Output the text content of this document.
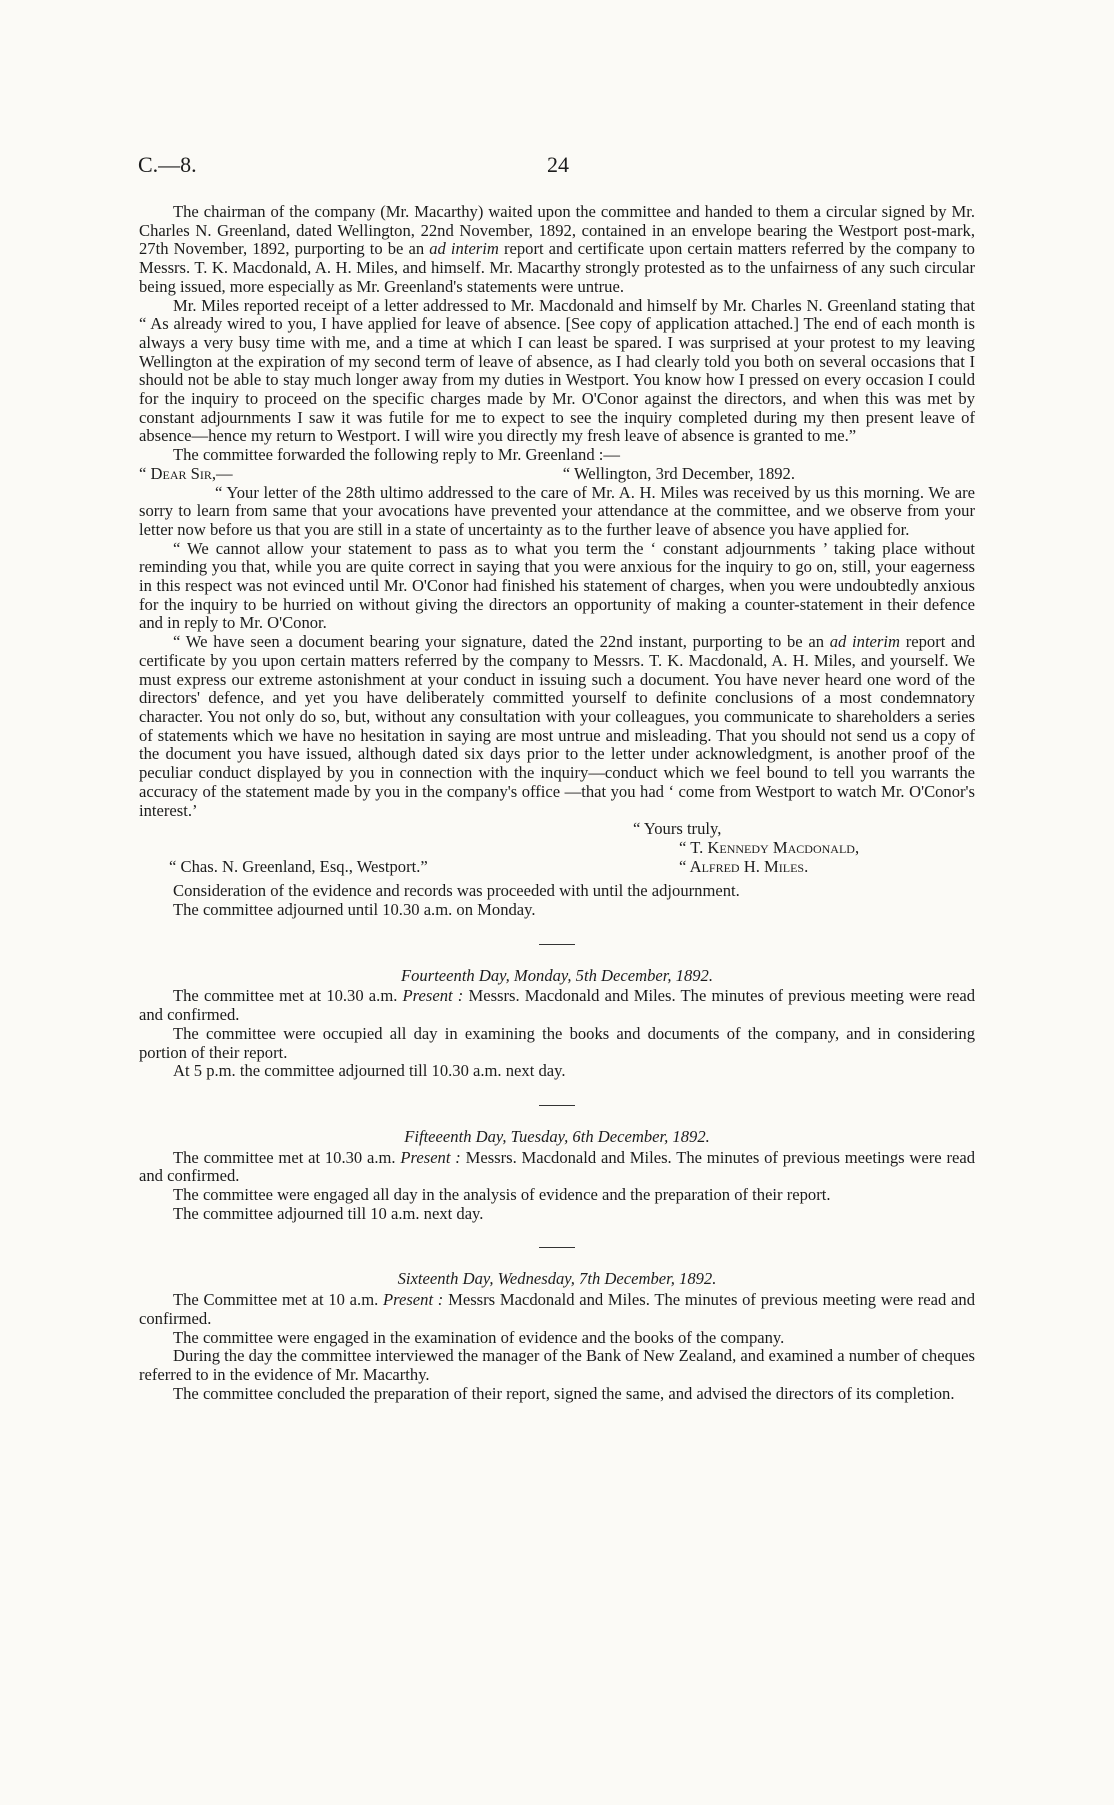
C.—8.	24

The chairman of the company (Mr. Macarthy) waited upon the committee and handed to them a circular signed by Mr. Charles N. Greenland, dated Wellington, 22nd November, 1892, contained in an envelope bearing the Westport post-mark, 27th November, 1892, purporting to be an ad interim report and certificate upon certain matters referred by the company to Messrs. T. K. Macdonald, A. H. Miles, and himself. Mr. Macarthy strongly protested as to the unfairness of any such circular being issued, more especially as Mr. Greenland's statements were untrue.

Mr. Miles reported receipt of a letter addressed to Mr. Macdonald and himself by Mr. Charles N. Greenland stating that “ As already wired to you, I have applied for leave of absence. [See copy of application attached.] The end of each month is always a very busy time with me, and a time at which I can least be spared. I was surprised at your protest to my leaving Wellington at the expiration of my second term of leave of absence, as I had clearly told you both on several occasions that I should not be able to stay much longer away from my duties in Westport. You know how I pressed on every occasion I could for the inquiry to proceed on the specific charges made by Mr. O'Conor against the directors, and when this was met by constant adjournments I saw it was futile for me to expect to see the inquiry completed during my then present leave of absence—hence my return to Westport. I will wire you directly my fresh leave of absence is granted to me.”

The committee forwarded the following reply to Mr. Greenland :—

“ Dear Sir,—	“ Wellington, 3rd December, 1892.

“ Your letter of the 28th ultimo addressed to the care of Mr. A. H. Miles was received by us this morning. We are sorry to learn from same that your avocations have prevented your attendance at the committee, and we observe from your letter now before us that you are still in a state of uncertainty as to the further leave of absence you have applied for.

“ We cannot allow your statement to pass as to what you term the ‘ constant adjournments ’ taking place without reminding you that, while you are quite correct in saying that you were anxious for the inquiry to go on, still, your eagerness in this respect was not evinced until Mr. O'Conor had finished his statement of charges, when you were undoubtedly anxious for the inquiry to be hurried on without giving the directors an opportunity of making a counter-statement in their defence and in reply to Mr. O'Conor.

“ We have seen a document bearing your signature, dated the 22nd instant, purporting to be an ad interim report and certificate by you upon certain matters referred by the company to Messrs. T. K. Macdonald, A. H. Miles, and yourself. We must express our extreme astonishment at your conduct in issuing such a document. You have never heard one word of the directors' defence, and yet you have deliberately committed yourself to definite conclusions of a most condemnatory character. You not only do so, but, without any consultation with your colleagues, you communicate to shareholders a series of statements which we have no hesitation in saying are most untrue and misleading. That you should not send us a copy of the document you have issued, although dated six days prior to the letter under acknowledgment, is another proof of the peculiar conduct displayed by you in connection with the inquiry—conduct which we feel bound to tell you warrants the accuracy of the statement made by you in the company's office —that you had ‘ come from Westport to watch Mr. O'Conor's interest.’

“ Yours truly,

“ T. Kennedy Macdonald,

“ Chas. N. Greenland, Esq., Westport.”	“ Alfred H. Miles.

Consideration of the evidence and records was proceeded with until the adjournment.

The committee adjourned until 10.30 a.m. on Monday.

Fourteenth Day, Monday, 5th December, 1892.

The committee met at 10.30 a.m. Present : Messrs. Macdonald and Miles. The minutes of previous meeting were read and confirmed.

The committee were occupied all day in examining the books and documents of the company, and in considering portion of their report.

At 5 p.m. the committee adjourned till 10.30 a.m. next day.

Fifteeenth Day, Tuesday, 6th December, 1892.

The committee met at 10.30 a.m. Present : Messrs. Macdonald and Miles. The minutes of previous meetings were read and confirmed.

The committee were engaged all day in the analysis of evidence and the preparation of their report.

The committee adjourned till 10 a.m. next day.

Sixteenth Day, Wednesday, 7th December, 1892.

The Committee met at 10 a.m. Present : Messrs Macdonald and Miles. The minutes of previous meeting were read and confirmed.

The committee were engaged in the examination of evidence and the books of the company.

During the day the committee interviewed the manager of the Bank of New Zealand, and examined a number of cheques referred to in the evidence of Mr. Macarthy.

The committee concluded the preparation of their report, signed the same, and advised the directors of its completion.
